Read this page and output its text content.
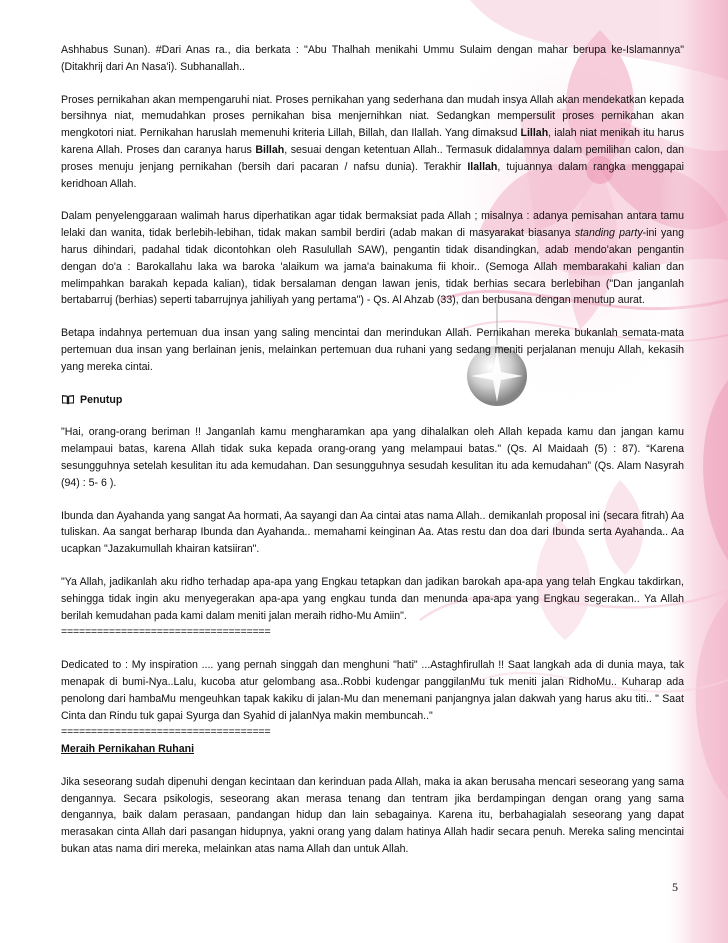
Ashhabus Sunan). #Dari Anas ra., dia berkata : "Abu Thalhah menikahi Ummu Sulaim dengan mahar berupa ke-Islamannya" (Ditakhrij dari An Nasa'i). Subhanallah..

Proses pernikahan akan mempengaruhi niat. Proses pernikahan yang sederhana dan mudah insya Allah akan mendekatkan kepada bersihnya niat, memudahkan proses pernikahan bisa menjernihkan niat. Sedangkan mempersulit proses pernikahan akan mengkotori niat. Pernikahan haruslah memenuhi kriteria Lillah, Billah, dan Ilallah. Yang dimaksud Lillah, ialah niat menikah itu harus karena Allah. Proses dan caranya harus Billah, sesuai dengan ketentuan Allah.. Termasuk didalamnya dalam pemilihan calon, dan proses menuju jenjang pernikahan (bersih dari pacaran / nafsu dunia). Terakhir Ilallah, tujuannya dalam rangka menggapai keridhoan Allah.

Dalam penyelenggaraan walimah harus diperhatikan agar tidak bermaksiat pada Allah ; misalnya : adanya pemisahan antara tamu lelaki dan wanita, tidak berlebih-lebihan, tidak makan sambil berdiri (adab makan di masyarakat biasanya standing party-ini yang harus dihindari, padahal tidak dicontohkan oleh Rasulullah SAW), pengantin tidak disandingkan, adab mendo'akan pengantin dengan do'a : Barokallahu laka wa baroka 'alaikum wa jama'a bainakuma fii khoir.. (Semoga Allah membarakahi kalian dan melimpahkan barakah kepada kalian), tidak bersalaman dengan lawan jenis, tidak berhias secara berlebihan ("Dan janganlah bertabarruj (berhias) seperti tabarrujnya jahiliyah yang pertama") - Qs. Al Ahzab (33), dan berbusana dengan menutup aurat.

Betapa indahnya pertemuan dua insan yang saling mencintai dan merindukan Allah. Pernikahan mereka bukanlah semata-mata pertemuan dua insan yang berlainan jenis, melainkan pertemuan dua ruhani yang sedang meniti perjalanan menuju Allah, kekasih yang mereka cintai.

Penutup

"Hai, orang-orang beriman !! Janganlah kamu mengharamkan apa yang dihalalkan oleh Allah kepada kamu dan jangan kamu melampaui batas, karena Allah tidak suka kepada orang-orang yang melampaui batas." (Qs. Al Maidaah (5) : 87). “Karena sesungguhnya setelah kesulitan itu ada kemudahan. Dan sesungguhnya sesudah kesulitan itu ada kemudahan” (Qs. Alam Nasyrah (94) : 5- 6 ).

Ibunda dan Ayahanda yang sangat Aa hormati, Aa sayangi dan Aa cintai atas nama Allah.. demikanlah proposal ini (secara fitrah) Aa tuliskan. Aa sangat berharap Ibunda dan Ayahanda.. memahami keinginan Aa. Atas restu dan doa dari Ibunda serta Ayahanda.. Aa ucapkan "Jazakumullah khairan katsiiran".

"Ya Allah, jadikanlah aku ridho terhadap apa-apa yang Engkau tetapkan dan jadikan barokah apa-apa yang telah Engkau takdirkan, sehingga tidak ingin aku menyegerakan apa-apa yang engkau tunda dan menunda apa-apa yang Engkau segerakan.. Ya Allah berilah kemudahan pada kami dalam meniti jalan meraih ridho-Mu Amiin".

===================================

Dedicated to : My inspiration .... yang pernah singgah dan menghuni "hati" ...Astaghfirullah !! Saat langkah ada di dunia maya, tak menapak di bumi-Nya..Lalu, kucoba atur gelombang asa..Robbi kudengar panggilanMu tuk meniti jalan RidhoMu.. Kuharap ada penolong dari hambaMu mengeuhkan tapak kakiku di jalan-Mu dan menemani panjangnya jalan dakwah yang harus aku titi.. " Saat Cinta dan Rindu tuk gapai Syurga dan Syahid di jalanNya makin membuncah.."

===================================
Meraih Pernikahan Ruhani

Jika seseorang sudah dipenuhi dengan kecintaan dan kerinduan pada Allah, maka ia akan berusaha mencari seseorang yang sama dengannya. Secara psikologis, seseorang akan merasa tenang dan tentram jika berdampingan dengan orang yang sama dengannya, baik dalam perasaan, pandangan hidup dan lain sebagainya. Karena itu, berbahagialah seseorang yang dapat merasakan cinta Allah dari pasangan hidupnya, yakni orang yang dalam hatinya Allah hadir secara penuh. Mereka saling mencintai bukan atas nama diri mereka, melainkan atas nama Allah dan untuk Allah.

5
